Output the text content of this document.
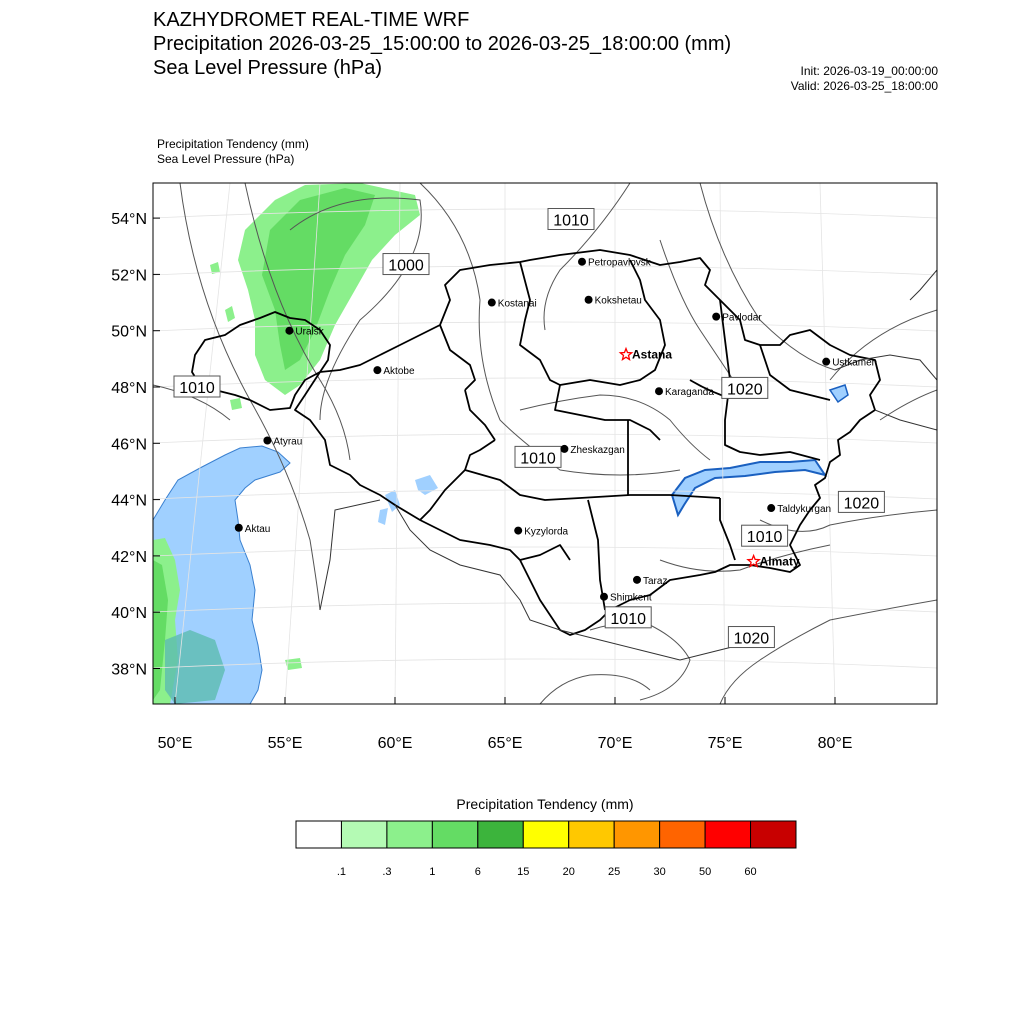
KAZHYDROMET REAL-TIME WRF
Precipitation 2026-03-25_15:00:00 to 2026-03-25_18:00:00 (mm)
Sea Level Pressure (hPa)	Init: 2026-03-19_00:00:00
Valid: 2026-03-25_18:00:00
Precipitation Tendency (mm)
Sea Level Pressure (hPa)
54°N
52°N
50°N
48°N
46°N
44°N
42°N
40°N
38°N
50°E	55°E	60°E	65°E	70°E	75°E	80°E
1010
1000
1010	1020
1010
1020
1010
1010
1020
Petropavlovsk
Kostanai	Kokshetau
Pavlodar
Uralsk
Astana
Aktobe
Ustkamen
Karaganda
Atyrau
Zheskazgan
Aktau	Kyzylorda
Taldykurgan
Almaty
Taraz
Shimkent
Precipitation Tendency (mm)
.1	.3	1	6	15	20	25	30	50	60
